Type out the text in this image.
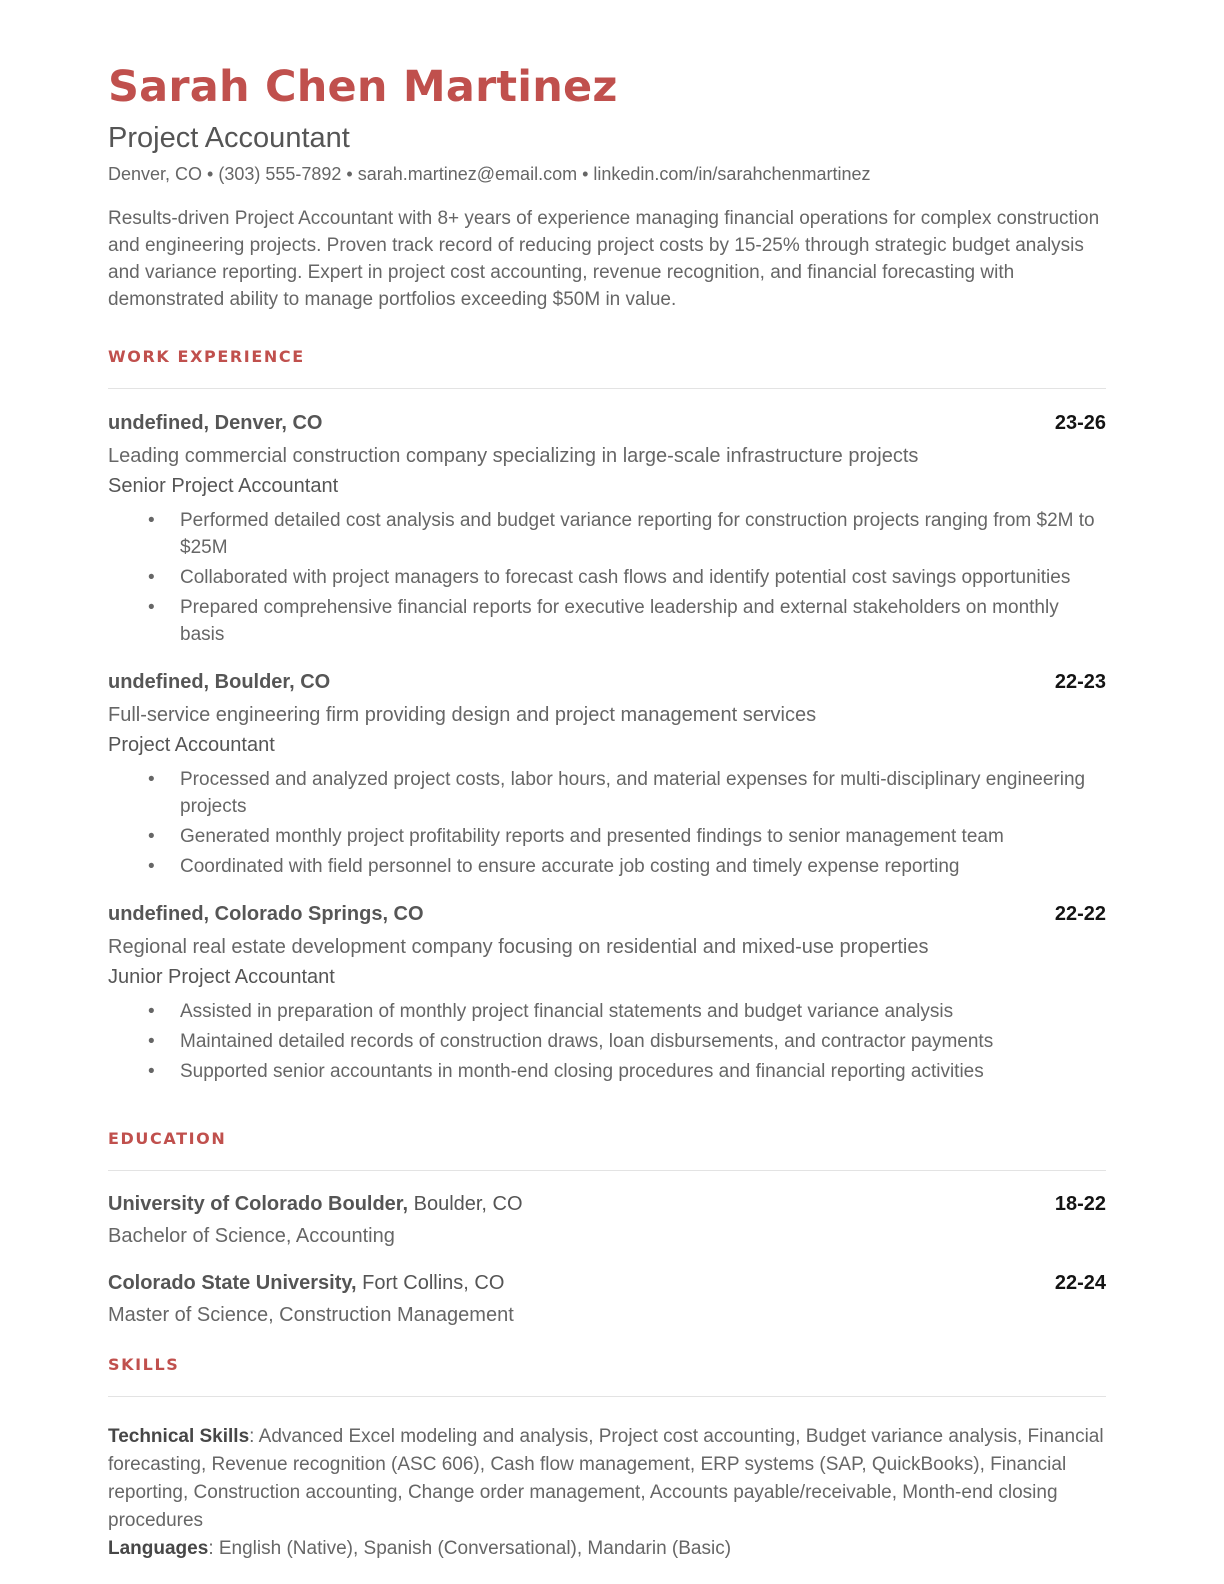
Sarah Chen Martinez
Project Accountant
Denver, CO • (303) 555-7892 • sarah.martinez@email.com • linkedin.com/in/sarahchenmartinez
Results-driven Project Accountant with 8+ years of experience managing financial operations for complex construction and engineering projects. Proven track record of reducing project costs by 15-25% through strategic budget analysis and variance reporting. Expert in project cost accounting, revenue recognition, and financial forecasting with demonstrated ability to manage portfolios exceeding $50M in value.
WORK EXPERIENCE
undefined, Denver, CO	23-26
Leading commercial construction company specializing in large-scale infrastructure projects
Senior Project Accountant
• Performed detailed cost analysis and budget variance reporting for construction projects ranging from $2M to $25M
• Collaborated with project managers to forecast cash flows and identify potential cost savings opportunities
• Prepared comprehensive financial reports for executive leadership and external stakeholders on monthly basis
undefined, Boulder, CO	22-23
Full-service engineering firm providing design and project management services
Project Accountant
• Processed and analyzed project costs, labor hours, and material expenses for multi-disciplinary engineering projects
• Generated monthly project profitability reports and presented findings to senior management team
• Coordinated with field personnel to ensure accurate job costing and timely expense reporting
undefined, Colorado Springs, CO	22-22
Regional real estate development company focusing on residential and mixed-use properties
Junior Project Accountant
• Assisted in preparation of monthly project financial statements and budget variance analysis
• Maintained detailed records of construction draws, loan disbursements, and contractor payments
• Supported senior accountants in month-end closing procedures and financial reporting activities
EDUCATION
University of Colorado Boulder, Boulder, CO	18-22
Bachelor of Science, Accounting
Colorado State University, Fort Collins, CO	22-24
Master of Science, Construction Management
SKILLS

Technical Skills: Advanced Excel modeling and analysis, Project cost accounting, Budget variance analysis, Financial forecasting, Revenue recognition (ASC 606), Cash flow management, ERP systems (SAP, QuickBooks), Financial reporting, Construction accounting, Change order management, Accounts payable/receivable, Month-end closing procedures

Languages: English (Native), Spanish (Conversational), Mandarin (Basic)
